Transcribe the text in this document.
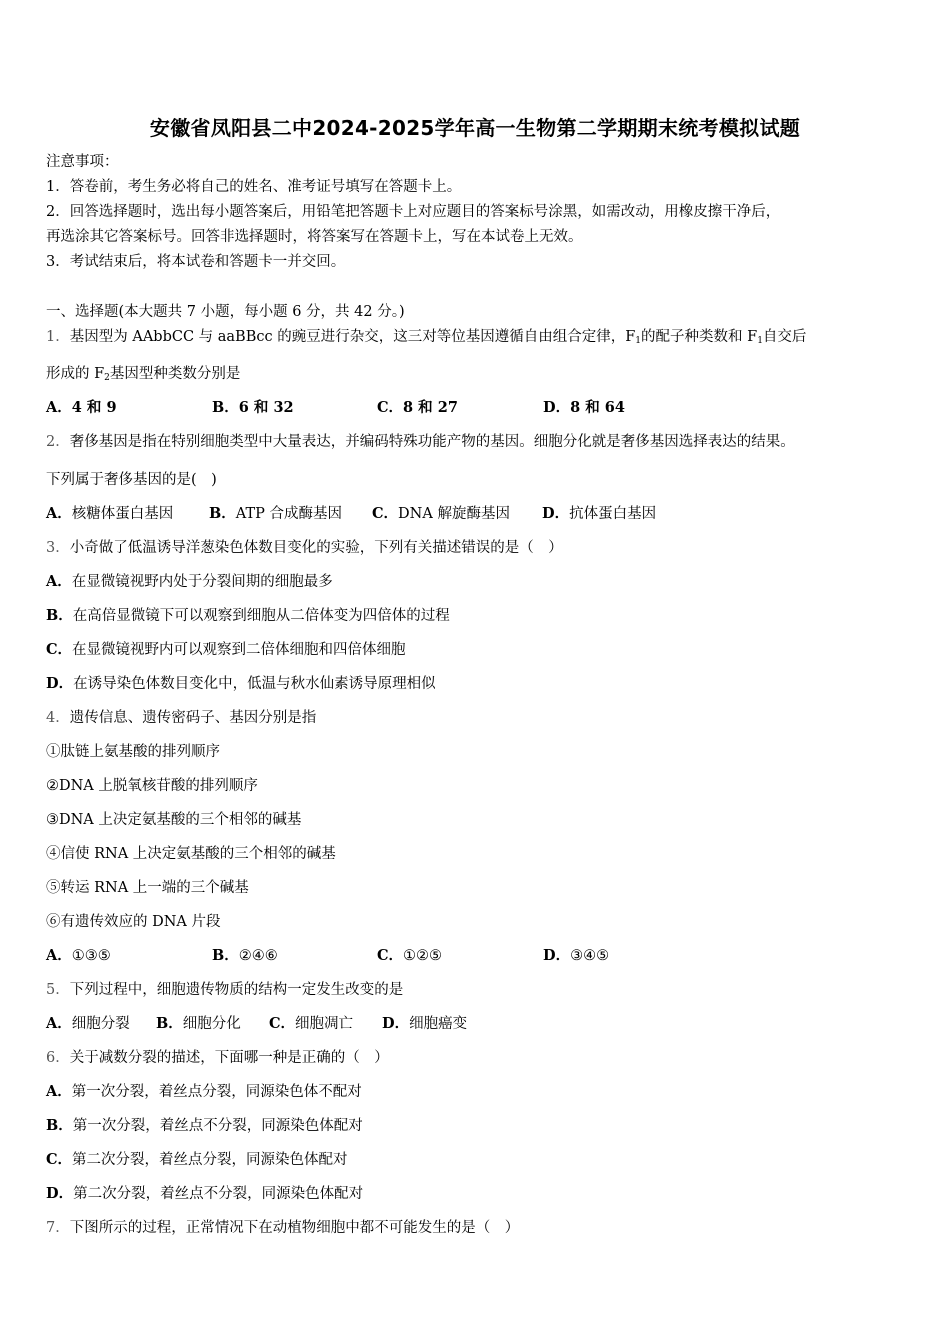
安徽省凤阳县二中2024-2025学年高一生物第二学期期末统考模拟试题
注意事项：
1．答卷前，考生务必将自己的姓名、准考证号填写在答题卡上。
2．回答选择题时，选出每小题答案后，用铅笔把答题卡上对应题目的答案标号涂黑，如需改动，用橡皮擦干净后，
再选涂其它答案标号。回答非选择题时，将答案写在答题卡上，写在本试卷上无效。
3．考试结束后，将本试卷和答题卡一并交回。
一、选择题(本大题共 7 小题，每小题 6 分，共 42 分。)
1．基因型为 AAbbCC 与 aaBBcc 的豌豆进行杂交，这三对等位基因遵循自由组合定律，$F_1$的配子种类数和 $F_1$自交后
形成的 $F_2$基因型种类数分别是
A．4 和 9	B．6 和 32	C．8 和 27	D．8 和 64
2．奢侈基因是指在特别细胞类型中大量表达，并编码特殊功能产物的基因。细胞分化就是奢侈基因选择表达的结果。
下列属于奢侈基因的是(　)
A．核糖体蛋白基因 B．ATP 合成酶基因 C．DNA 解旋酶基因 D．抗体蛋白基因
3．小奇做了低温诱导洋葱染色体数目变化的实验，下列有关描述错误的是（　）
A．在显微镜视野内处于分裂间期的细胞最多
B．在高倍显微镜下可以观察到细胞从二倍体变为四倍体的过程
C．在显微镜视野内可以观察到二倍体细胞和四倍体细胞
D．在诱导染色体数目变化中，低温与秋水仙素诱导原理相似
4．遗传信息、遗传密码子、基因分别是指
①肽链上氨基酸的排列顺序
②DNA 上脱氧核苷酸的排列顺序
③DNA 上决定氨基酸的三个相邻的碱基
④信使 RNA 上决定氨基酸的三个相邻的碱基
⑤转运 RNA 上一端的三个碱基
⑥有遗传效应的 DNA 片段
A．①③⑤	B．②④⑥	C．①②⑤	D．③④⑤
5．下列过程中，细胞遗传物质的结构一定发生改变的是
A．细胞分裂 B．细胞分化 C．细胞凋亡 D．细胞癌变
6．关于减数分裂的描述，下面哪一种是正确的（　）
A．第一次分裂，着丝点分裂，同源染色体不配对
B．第一次分裂，着丝点不分裂，同源染色体配对
C．第二次分裂，着丝点分裂，同源染色体配对
D．第二次分裂，着丝点不分裂，同源染色体配对
7．下图所示的过程，正常情况下在动植物细胞中都不可能发生的是（　）
